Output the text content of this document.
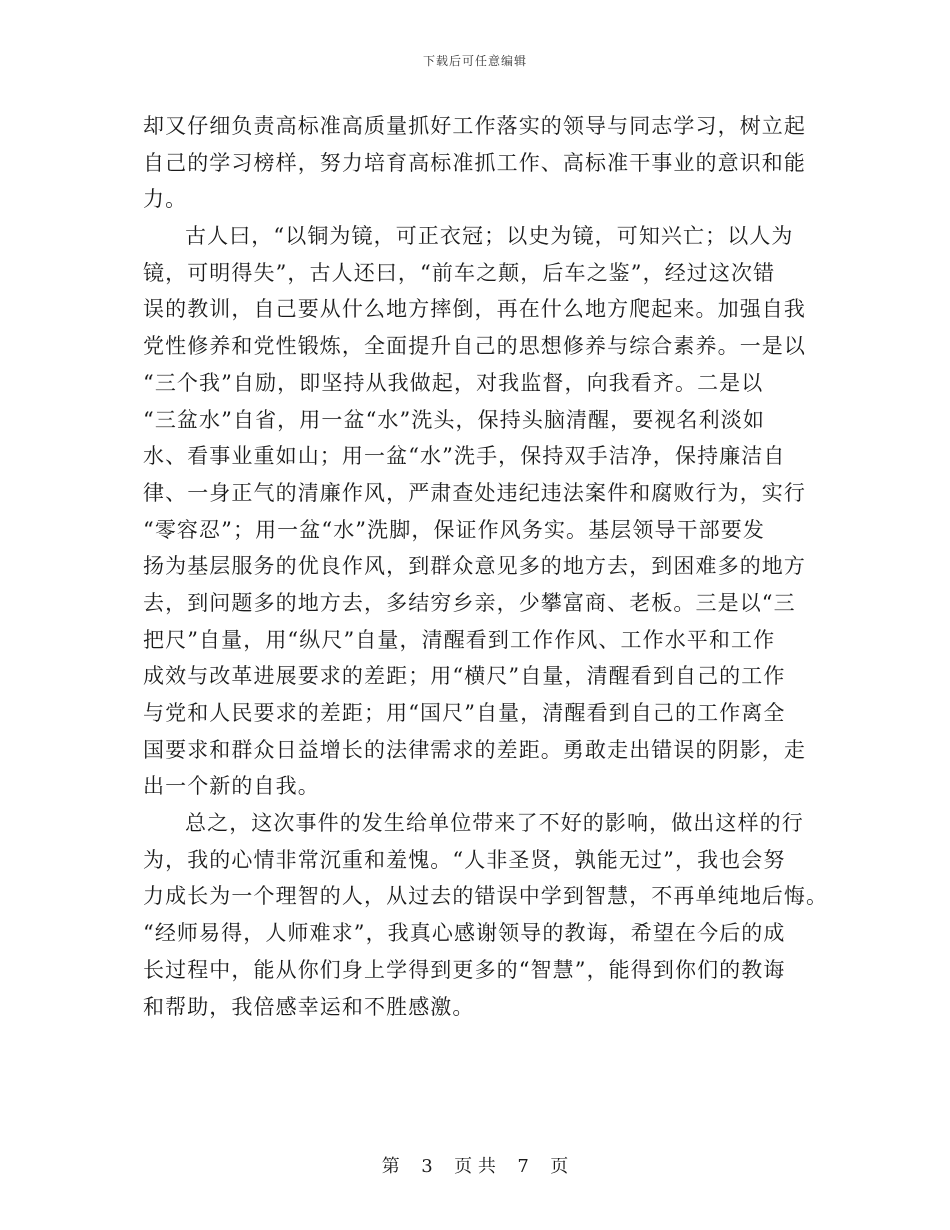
下载后可任意编辑
却又仔细负责高标准高质量抓好工作落实的领导与同志学习，树立起
自己的学习榜样，努力培育高标准抓工作、高标准干事业的意识和能
力。
古人曰，“以铜为镜，可正衣冠；以史为镜，可知兴亡；以人为
镜，可明得失”，古人还曰，“前车之颠，后车之鉴”，经过这次错
误的教训，自己要从什么地方摔倒，再在什么地方爬起来。加强自我
党性修养和党性锻炼，全面提升自己的思想修养与综合素养。一是以
“三个我”自励，即坚持从我做起，对我监督，向我看齐。二是以
“三盆水”自省，用一盆“水”洗头，保持头脑清醒，要视名利淡如
水、看事业重如山；用一盆“水”洗手，保持双手洁净，保持廉洁自
律、一身正气的清廉作风，严肃查处违纪违法案件和腐败行为，实行
“零容忍”；用一盆“水”洗脚，保证作风务实。基层领导干部要发
扬为基层服务的优良作风，到群众意见多的地方去，到困难多的地方
去，到问题多的地方去，多结穷乡亲，少攀富商、老板。三是以“三
把尺”自量，用“纵尺”自量，清醒看到工作作风、工作水平和工作
成效与改革进展要求的差距；用“横尺”自量，清醒看到自己的工作
与党和人民要求的差距；用“国尺”自量，清醒看到自己的工作离全
国要求和群众日益增长的法律需求的差距。勇敢走出错误的阴影，走
出一个新的自我。
总之，这次事件的发生给单位带来了不好的影响，做出这样的行
为，我的心情非常沉重和羞愧。“人非圣贤，孰能无过”，我也会努
力成长为一个理智的人，从过去的错误中学到智慧，不再单纯地后悔。
“经师易得，人师难求”，我真心感谢领导的教诲，希望在今后的成
长过程中，能从你们身上学得到更多的“智慧”，能得到你们的教诲
和帮助，我倍感幸运和不胜感激。
第 3 页 共 7 页
